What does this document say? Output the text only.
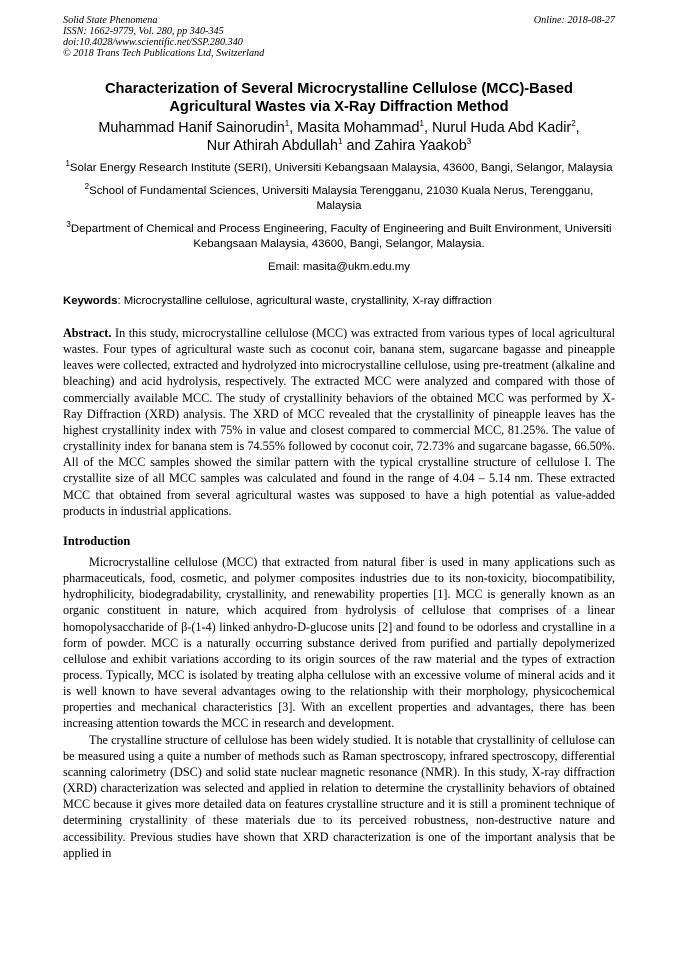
Solid State Phenomena
ISSN: 1662-9779, Vol. 280, pp 340-345
doi:10.4028/www.scientific.net/SSP.280.340
© 2018 Trans Tech Publications Ltd, Switzerland
Online: 2018-08-27
Characterization of Several Microcrystalline Cellulose (MCC)-Based Agricultural Wastes via X-Ray Diffraction Method
Muhammad Hanif Sainorudin$^1$, Masita Mohammad$^1$, Nurul Huda Abd Kadir$^2$,
Nur Athirah Abdullah$^1$ and Zahira Yaakob$^3$
$^1$Solar Energy Research Institute (SERI), Universiti Kebangsaan Malaysia, 43600, Bangi, Selangor, Malaysia
$^2$School of Fundamental Sciences, Universiti Malaysia Terengganu, 21030 Kuala Nerus, Terengganu, Malaysia
$^3$Department of Chemical and Process Engineering, Faculty of Engineering and Built Environment, Universiti Kebangsaan Malaysia, 43600, Bangi, Selangor, Malaysia.
Email: masita@ukm.edu.my
Keywords: Microcrystalline cellulose, agricultural waste, crystallinity, X-ray diffraction
Abstract. In this study, microcrystalline cellulose (MCC) was extracted from various types of local agricultural wastes. Four types of agricultural waste such as coconut coir, banana stem, sugarcane bagasse and pineapple leaves were collected, extracted and hydrolyzed into microcrystalline cellulose, using pre-treatment (alkaline and bleaching) and acid hydrolysis, respectively. The extracted MCC were analyzed and compared with those of commercially available MCC. The study of crystallinity behaviors of the obtained MCC was performed by X-Ray Diffraction (XRD) analysis. The XRD of MCC revealed that the crystallinity of pineapple leaves has the highest crystallinity index with 75% in value and closest compared to commercial MCC, 81.25%. The value of crystallinity index for banana stem is 74.55% followed by coconut coir, 72.73% and sugarcane bagasse, 66.50%. All of the MCC samples showed the similar pattern with the typical crystalline structure of cellulose I. The crystallite size of all MCC samples was calculated and found in the range of 4.04 – 5.14 nm. These extracted MCC that obtained from several agricultural wastes was supposed to have a high potential as value-added products in industrial applications.
Introduction

Microcrystalline cellulose (MCC) that extracted from natural fiber is used in many applications such as pharmaceuticals, food, cosmetic, and polymer composites industries due to its non-toxicity, biocompatibility, hydrophilicity, biodegradability, crystallinity, and renewability properties [1]. MCC is generally known as an organic constituent in nature, which acquired from hydrolysis of cellulose that comprises of a linear homopolysaccharide of β-(1-4) linked anhydro-D-glucose units [2] and found to be odorless and crystalline in a form of powder. MCC is a naturally occurring substance derived from purified and partially depolymerized cellulose and exhibit variations according to its origin sources of the raw material and the types of extraction process. Typically, MCC is isolated by treating alpha cellulose with an excessive volume of mineral acids and it is well known to have several advantages owing to the relationship with their morphology, physicochemical properties and mechanical characteristics [3]. With an excellent properties and advantages, there has been increasing attention towards the MCC in research and development.

The crystalline structure of cellulose has been widely studied. It is notable that crystallinity of cellulose can be measured using a quite a number of methods such as Raman spectroscopy, infrared spectroscopy, differential scanning calorimetry (DSC) and solid state nuclear magnetic resonance (NMR). In this study, X-ray diffraction (XRD) characterization was selected and applied in relation to determine the crystallinity behaviors of obtained MCC because it gives more detailed data on features crystalline structure and it is still a prominent technique of determining crystallinity of these materials due to its perceived robustness, non-destructive nature and accessibility. Previous studies have shown that XRD characterization is one of the important analysis that be applied in
